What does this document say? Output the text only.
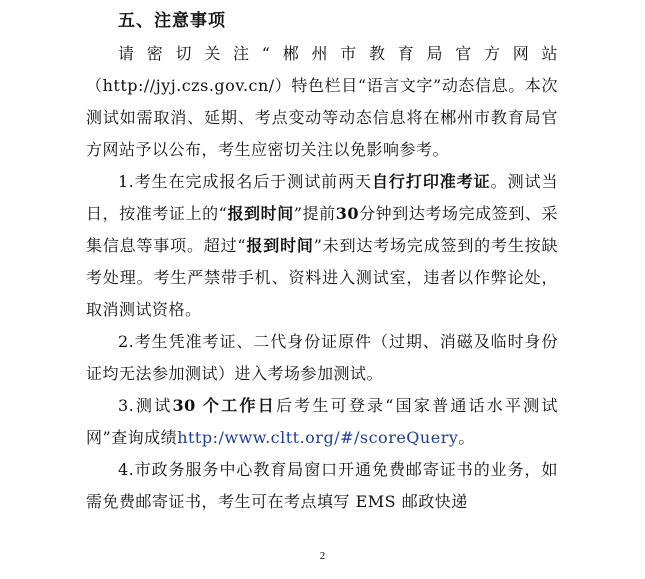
五、注意事项

请密切关注“郴州市教育局官方网站（http://jyj.czs.gov.cn/）特色栏目“语言文字”动态信息。本次测试如需取消、延期、考点变动等动态信息将在郴州市教育局官方网站予以公布，考生应密切关注以免影响参考。

1.考生在完成报名后于测试前两天自行打印准考证。测试当日，按准考证上的“报到时间”提前30分钟到达考场完成签到、采集信息等事项。超过“报到时间”未到达考场完成签到的考生按缺考处理。考生严禁带手机、资料进入测试室，违者以作弊论处，取消测试资格。

2.考生凭准考证、二代身份证原件（过期、消磁及临时身份证均无法参加测试）进入考场参加测试。

3.测试30 个工作日后考生可登录“国家普通话水平测试网”查询成绩http:/www.cltt.org/#/scoreQuery。

4.市政务服务中心教育局窗口开通免费邮寄证书的业务，如需免费邮寄证书，考生可在考点填写 EMS 邮政快递

2
